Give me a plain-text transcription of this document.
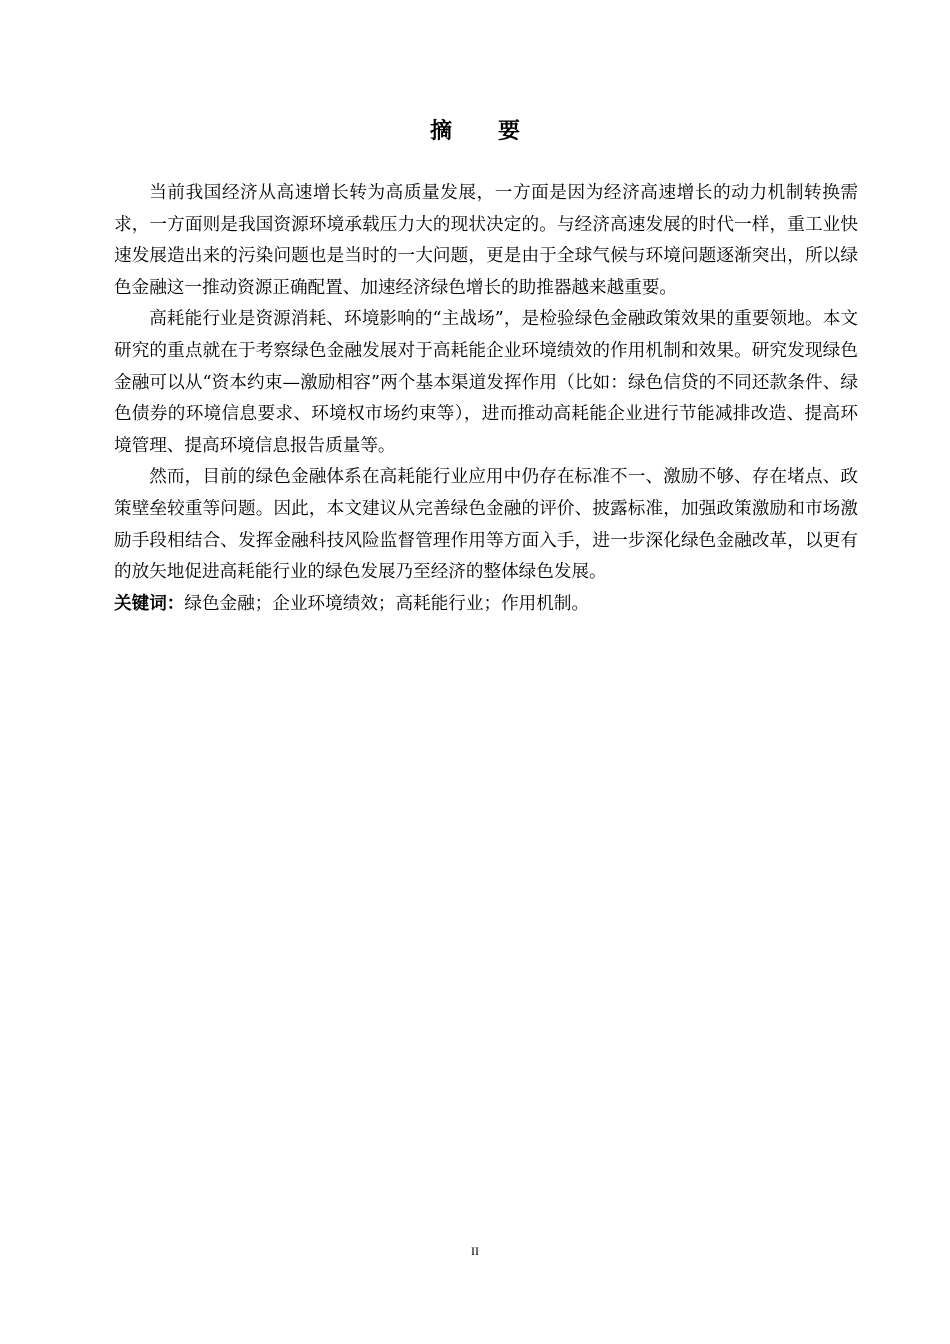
摘 要

当前我国经济从高速增长转为高质量发展，一方面是因为经济高速增长的动力机制转换需求，一方面则是我国资源环境承载压力大的现状决定的。与经济高速发展的时代一样，重工业快速发展造出来的污染问题也是当时的一大问题，更是由于全球气候与环境问题逐渐突出，所以绿色金融这一推动资源正确配置、加速经济绿色增长的助推器越来越重要。

高耗能行业是资源消耗、环境影响的“主战场”，是检验绿色金融政策效果的重要领地。本文研究的重点就在于考察绿色金融发展对于高耗能企业环境绩效的作用机制和效果。研究发现绿色金融可以从“资本约束—激励相容”两个基本渠道发挥作用（比如：绿色信贷的不同还款条件、绿色债券的环境信息要求、环境权市场约束等），进而推动高耗能企业进行节能减排改造、提高环境管理、提高环境信息报告质量等。

然而，目前的绿色金融体系在高耗能行业应用中仍存在标准不一、激励不够、存在堵点、政策壁垒较重等问题。因此，本文建议从完善绿色金融的评价、披露标准，加强政策激励和市场激励手段相结合、发挥金融科技风险监督管理作用等方面入手，进一步深化绿色金融改革，以更有的放矢地促进高耗能行业的绿色发展乃至经济的整体绿色发展。

关键词：绿色金融；企业环境绩效；高耗能行业；作用机制。

II
